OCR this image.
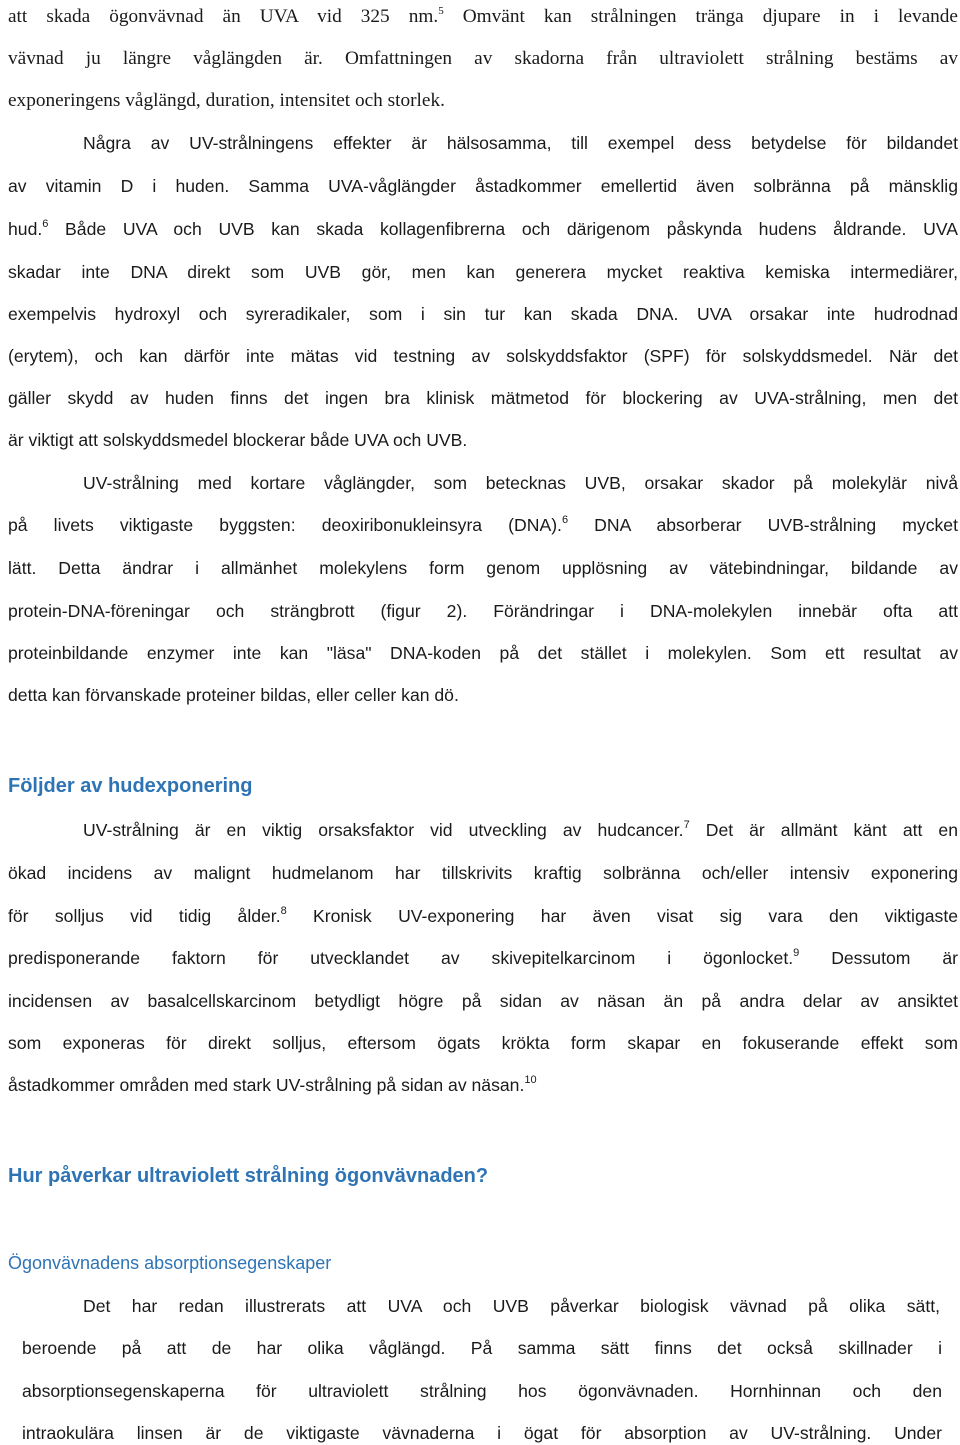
att skada ögonvävnad än UVA vid 325 nm.$^5$ Omvänt kan strålningen tränga djupare in i levande
vävnad ju längre våglängden är. Omfattningen av skadorna från ultraviolett strålning bestäms av
exponeringens våglängd, duration, intensitet och storlek.
Några av UV-strålningens effekter är hälsosamma, till exempel dess betydelse för bildandet
av vitamin D i huden. Samma UVA-våglängder åstadkommer emellertid även solbränna på mänsklig
hud.$^6$ Både UVA och UVB kan skada kollagenfibrerna och därigenom påskynda hudens åldrande. UVA
skadar inte DNA direkt som UVB gör, men kan generera mycket reaktiva kemiska intermediärer,
exempelvis hydroxyl och syreradikaler, som i sin tur kan skada DNA. UVA orsakar inte hudrodnad
(erytem), och kan därför inte mätas vid testning av solskyddsfaktor (SPF) för solskyddsmedel. När det
gäller skydd av huden finns det ingen bra klinisk mätmetod för blockering av UVA-strålning, men det
är viktigt att solskyddsmedel blockerar både UVA och UVB.
UV-strålning med kortare våglängder, som betecknas UVB, orsakar skador på molekylär nivå
på livets viktigaste byggsten: deoxiribonukleinsyra (DNA).$^6$ DNA absorberar UVB-strålning mycket
lätt. Detta ändrar i allmänhet molekylens form genom upplösning av vätebindningar, bildande av
protein-DNA-föreningar och strängbrott (figur 2). Förändringar i DNA-molekylen innebär ofta att
proteinbildande enzymer inte kan "läsa" DNA-koden på det stället i molekylen. Som ett resultat av
detta kan förvanskade proteiner bildas, eller celler kan dö.
Följder av hudexponering
UV-strålning är en viktig orsaksfaktor vid utveckling av hudcancer.$^7$ Det är allmänt känt att en
ökad incidens av malignt hudmelanom har tillskrivits kraftig solbränna och/eller intensiv exponering
för solljus vid tidig ålder.$^8$ Kronisk UV-exponering har även visat sig vara den viktigaste
predisponerande faktorn för utvecklandet av skivepitelkarcinom i ögonlocket.$^9$ Dessutom är
incidensen av basalcellskarcinom betydligt högre på sidan av näsan än på andra delar av ansiktet
som exponeras för direkt solljus, eftersom ögats krökta form skapar en fokuserande effekt som
åstadkommer områden med stark UV-strålning på sidan av näsan.$^{10}$
Hur påverkar ultraviolett strålning ögonvävnaden?
Ögonvävnadens absorptionsegenskaper
Det har redan illustrerats att UVA och UVB påverkar biologisk vävnad på olika sätt,
beroende på att de har olika våglängd. På samma sätt finns det också skillnader i
absorptionsegenskaperna för ultraviolett strålning hos ögonvävnaden. Hornhinnan och den
intraokulära linsen är de viktigaste vävnaderna i ögat för absorption av UV-strålning. Under
